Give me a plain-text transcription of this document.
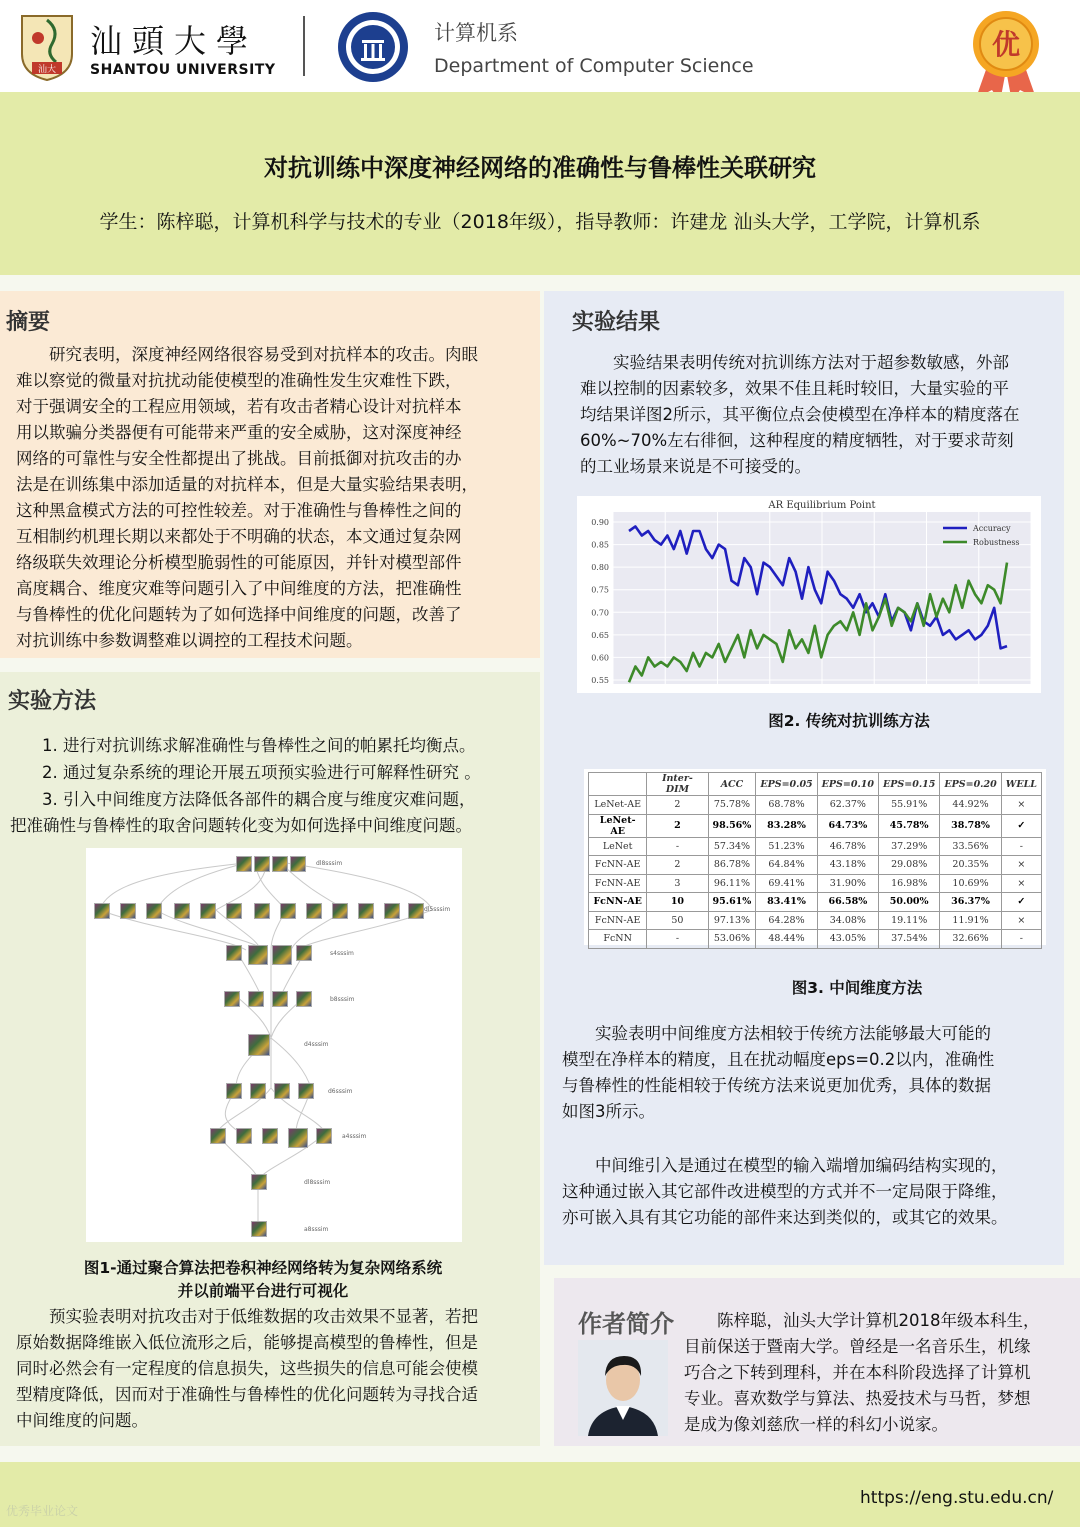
汕大
汕頭大學
SHANTOU UNIVERSITY
计算机系
Department of Computer Science
优
对抗训练中深度神经网络的准确性与鲁棒性关联研究
学生：陈梓聪，计算机科学与技术的专业（2018年级），指导教师：许建龙 汕头大学，工学院，计算机系
摘要

研究表明，深度神经网络很容易受到对抗样本的攻击。肉眼

难以察觉的微量对抗扰动能使模型的准确性发生灾难性下跌，

对于强调安全的工程应用领域，若有攻击者精心设计对抗样本

用以欺骗分类器便有可能带来严重的安全威胁，这对深度神经

网络的可靠性与安全性都提出了挑战。目前抵御对抗攻击的办

法是在训练集中添加适量的对抗样本，但是大量实验结果表明，

这种黑盒模式方法的可控性较差。对于准确性与鲁棒性之间的

互相制约机理长期以来都处于不明确的状态，本文通过复杂网

络级联失效理论分析模型脆弱性的可能原因，并针对模型部件

高度耦合、维度灾难等问题引入了中间维度的方法，把准确性

与鲁棒性的优化问题转为了如何选择中间维度的问题，改善了

对抗训练中参数调整难以调控的工程技术问题。

实验方法

1. 进行对抗训练求解准确性与鲁棒性之间的帕累托均衡点。

2. 通过复杂系统的理论开展五项预实验进行可解释性研究 。

3. 引入中间维度方法降低各部件的耦合度与维度灾难问题，

把准确性与鲁棒性的取舍问题转化变为如何选择中间维度问题。

dl8sssim
dl5sssim
s4sssim
b8sssim
d4sssim
d6sssim
a4sssim
dl8sssim
a8sssim
图1-通过聚合算法把卷积神经网络转为复杂网络系统
并以前端平台进行可视化

预实验表明对抗攻击对于低维数据的攻击效果不显著，若把

原始数据降维嵌入低位流形之后，能够提高模型的鲁棒性，但是

同时必然会有一定程度的信息损失，这些损失的信息可能会使模

型精度降低，因而对于准确性与鲁棒性的优化问题转为寻找合适

中间维度的问题。

实验结果

实验结果表明传统对抗训练方法对于超参数敏感，外部

难以控制的因素较多，效果不佳且耗时较旧，大量实验的平

均结果详图2所示，其平衡位点会使模型在净样本的精度落在

60%~70%左右徘徊，这种程度的精度牺牲，对于要求苛刻

的工业场景来说是不可接受的。

0.90
0.85
0.80
0.75
0.70
0.65
0.60
0.55
AR Equilibrium Point
Accuracy
Robustness
图2. 传统对抗训练方法
	Inter-DIM	ACC	EPS=0.05	EPS=0.10	EPS=0.15	EPS=0.20	WELL
LeNet-AE	2	75.78%	68.78%	62.37%	55.91%	44.92%	×
LeNet-AE	2	98.56%	83.28%	64.73%	45.78%	38.78%	✓
LeNet	-	57.34%	51.23%	46.78%	37.29%	33.56%	-
FcNN-AE	2	86.78%	64.84%	43.18%	29.08%	20.35%	×
FcNN-AE	3	96.11%	69.41%	31.90%	16.98%	10.69%	×
FcNN-AE	10	95.61%	83.41%	66.58%	50.00%	36.37%	✓
FcNN-AE	50	97.13%	64.28%	34.08%	19.11%	11.91%	×
FcNN	-	53.06%	48.44%	43.05%	37.54%	32.66%	-
图3. 中间维度方法

实验表明中间维度方法相较于传统方法能够最大可能的

模型在净样本的精度，且在扰动幅度eps=0.2以内，准确性

与鲁棒性的性能相较于传统方法来说更加优秀，具体的数据

如图3所示。

中间维引入是通过在模型的输入端增加编码结构实现的，

这种通过嵌入其它部件改进模型的方式并不一定局限于降维，

亦可嵌入具有其它功能的部件来达到类似的，或其它的效果。

作者简介	陈梓聪，汕头大学计算机2018年级本科生，

目前保送于暨南大学。曾经是一名音乐生，机缘

巧合之下转到理科，并在本科阶段选择了计算机

专业。喜欢数学与算法、热爱技术与马哲，梦想

是成为像刘慈欣一样的科幻小说家。

优秀毕业论文
https://eng.stu.edu.cn/
